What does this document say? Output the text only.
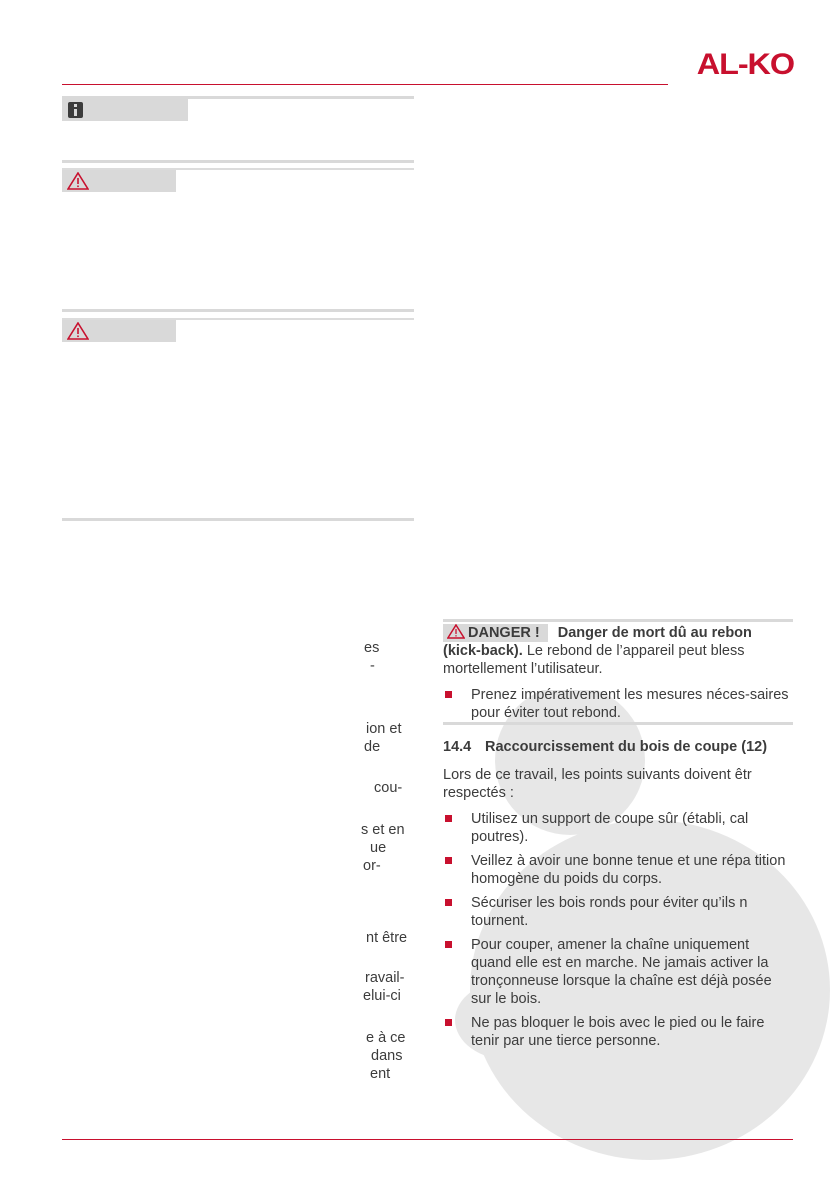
AL-KO
es
-
ion et
de
cou-
s et en
ue
or-
nt être
ravail-
elui-ci
e à ce
dans
ent
DANGER ! Danger de mort dû au rebon
(kick-back). Le rebond de l’appareil peut bless mortellement l’utilisateur.
Prenez impérativement les mesures néces-saires pour éviter tout rebond.
14.4 Raccourcissement du bois de coupe (12)
Lors de ce travail, les points suivants doivent êtr respectés :
Utilisez un support de coupe sûr (établi, cal poutres).
Veillez à avoir une bonne tenue et une répa tition homogène du poids du corps.
Sécuriser les bois ronds pour éviter qu’ils n tournent.
Pour couper, amener la chaîne uniquement quand elle est en marche. Ne jamais activer la tronçonneuse lorsque la chaîne est déjà posée sur le bois.
Ne pas bloquer le bois avec le pied ou le faire tenir par une tierce personne.
